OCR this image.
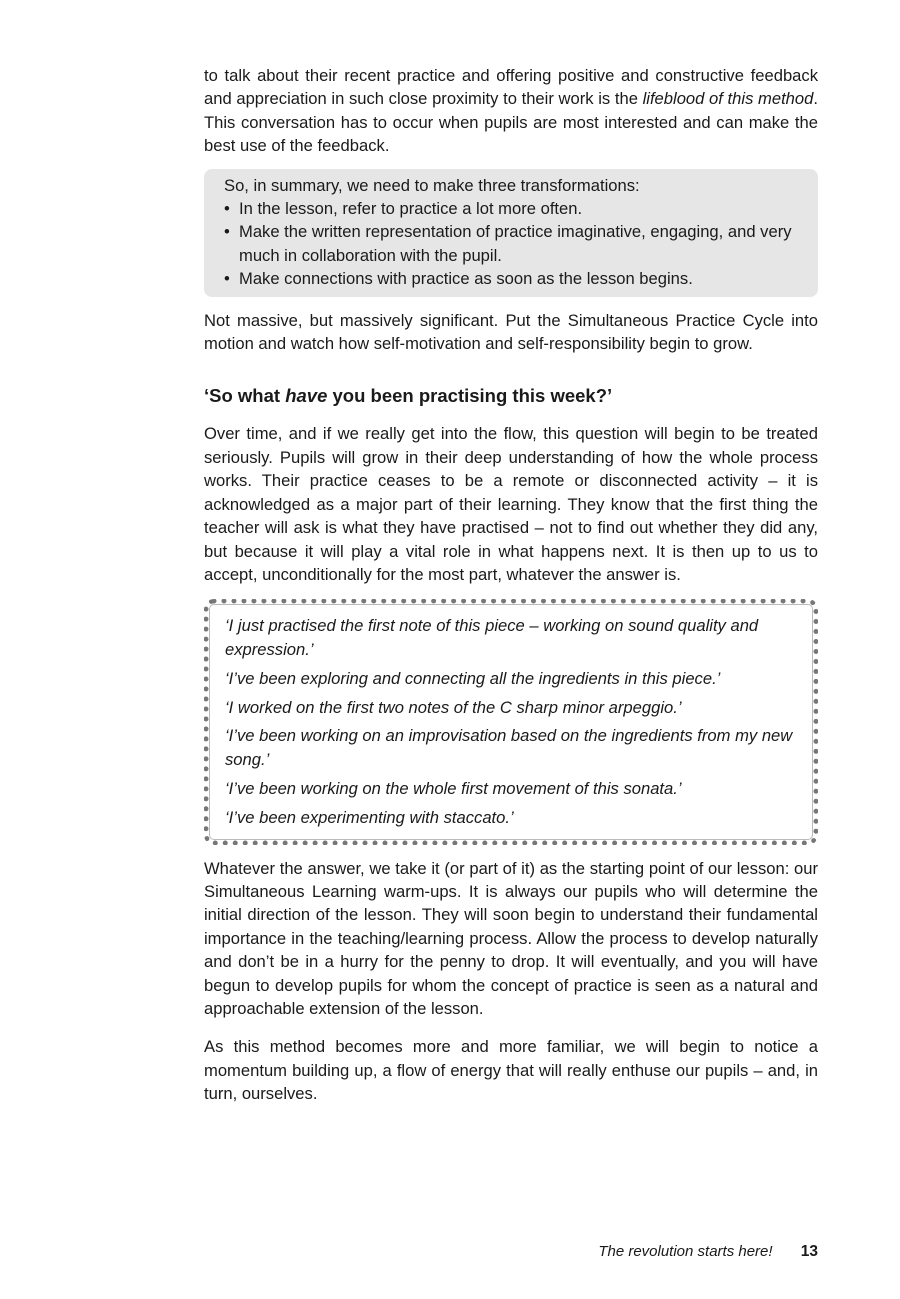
to talk about their recent practice and offering positive and constructive feedback and appreciation in such close proximity to their work is the lifeblood of this method. This conversation has to occur when pupils are most interested and can make the best use of the feedback.

So, in summary, we need to make three transformations:
• In the lesson, refer to practice a lot more often.
• Make the written representation of practice imaginative, engaging, and very much in collaboration with the pupil.
• Make connections with practice as soon as the lesson begins.

Not massive, but massively significant. Put the Simultaneous Practice Cycle into motion and watch how self-motivation and self-responsibility begin to grow.

‘So what have you been practising this week?’

Over time, and if we really get into the flow, this question will begin to be treated seriously. Pupils will grow in their deep understanding of how the whole process works. Their practice ceases to be a remote or disconnected activity – it is acknowledged as a major part of their learning. They know that the first thing the teacher will ask is what they have practised – not to find out whether they did any, but because it will play a vital role in what happens next. It is then up to us to accept, unconditionally for the most part, whatever the answer is.

‘I just practised the first note of this piece – working on sound quality and expression.’
‘I’ve been exploring and connecting all the ingredients in this piece.’
‘I worked on the first two notes of the C sharp minor arpeggio.’
‘I’ve been working on an improvisation based on the ingredients from my new song.’
‘I’ve been working on the whole first movement of this sonata.’
‘I’ve been experimenting with staccato.’

Whatever the answer, we take it (or part of it) as the starting point of our lesson: our Simultaneous Learning warm-ups. It is always our pupils who will determine the initial direction of the lesson. They will soon begin to understand their fundamental importance in the teaching/learning process. Allow the process to develop naturally and don’t be in a hurry for the penny to drop. It will eventually, and you will have begun to develop pupils for whom the concept of practice is seen as a natural and approachable extension of the lesson.

As this method becomes more and more familiar, we will begin to notice a momentum building up, a flow of energy that will really enthuse our pupils – and, in turn, ourselves.

The revolution starts here! 13
